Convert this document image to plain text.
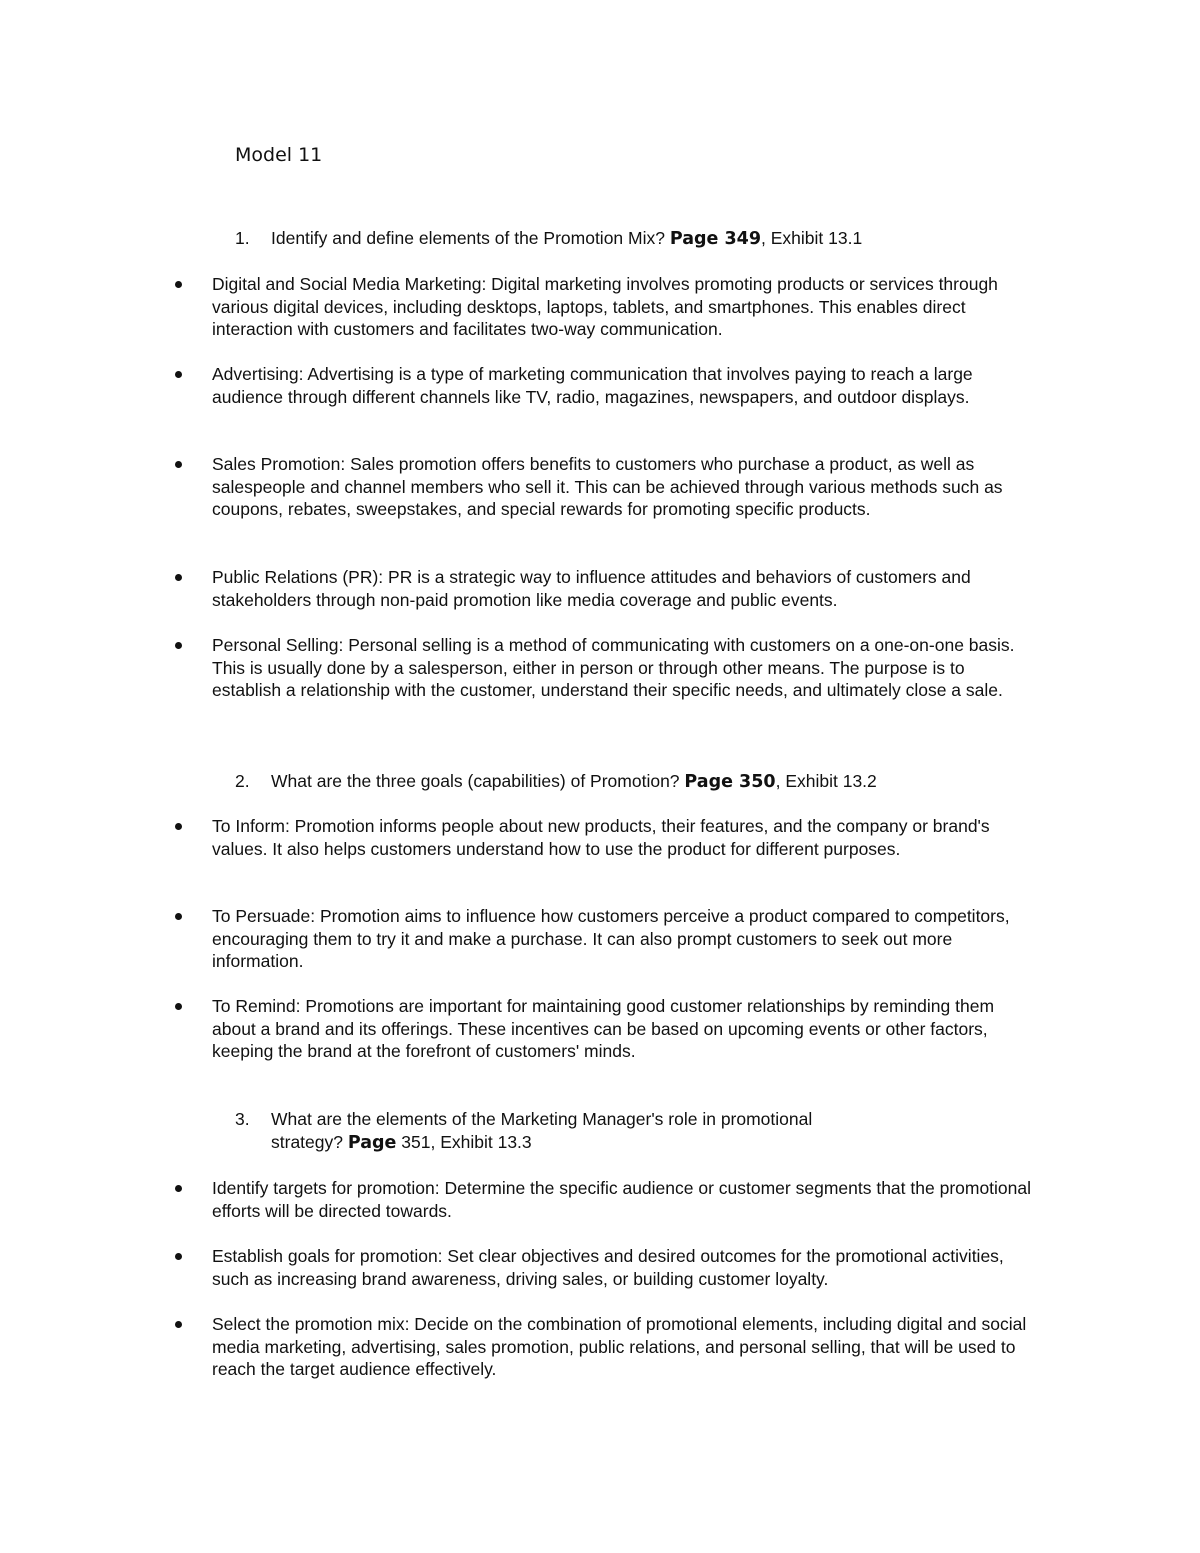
Model 11
1.	Identify and define elements of the Promotion Mix? Page 349, Exhibit 13.1
Digital and Social Media Marketing: Digital marketing involves promoting products or services through various digital devices, including desktops, laptops, tablets, and smartphones. This enables direct interaction with customers and facilitates two-way communication.
Advertising: Advertising is a type of marketing communication that involves paying to reach a large audience through different channels like TV, radio, magazines, newspapers, and outdoor displays.
Sales Promotion: Sales promotion offers benefits to customers who purchase a product, as well as salespeople and channel members who sell it. This can be achieved through various methods such as coupons, rebates, sweepstakes, and special rewards for promoting specific products.
Public Relations (PR): PR is a strategic way to influence attitudes and behaviors of customers and stakeholders through non-paid promotion like media coverage and public events.
Personal Selling: Personal selling is a method of communicating with customers on a one-on-one basis. This is usually done by a salesperson, either in person or through other means. The purpose is to establish a relationship with the customer, understand their specific needs, and ultimately close a sale.
2.	What are the three goals (capabilities) of Promotion? Page 350, Exhibit 13.2
To Inform: Promotion informs people about new products, their features, and the company or brand's values. It also helps customers understand how to use the product for different purposes.
To Persuade: Promotion aims to influence how customers perceive a product compared to competitors, encouraging them to try it and make a purchase. It can also prompt customers to seek out more information.
To Remind: Promotions are important for maintaining good customer relationships by reminding them about a brand and its offerings. These incentives can be based on upcoming events or other factors, keeping the brand at the forefront of customers' minds.
3.	What are the elements of the Marketing Manager's role in promotional
strategy? Page 351, Exhibit 13.3
Identify targets for promotion: Determine the specific audience or customer segments that the promotional efforts will be directed towards.
Establish goals for promotion: Set clear objectives and desired outcomes for the promotional activities, such as increasing brand awareness, driving sales, or building customer loyalty.
Select the promotion mix: Decide on the combination of promotional elements, including digital and social media marketing, advertising, sales promotion, public relations, and personal selling, that will be used to reach the target audience effectively.
